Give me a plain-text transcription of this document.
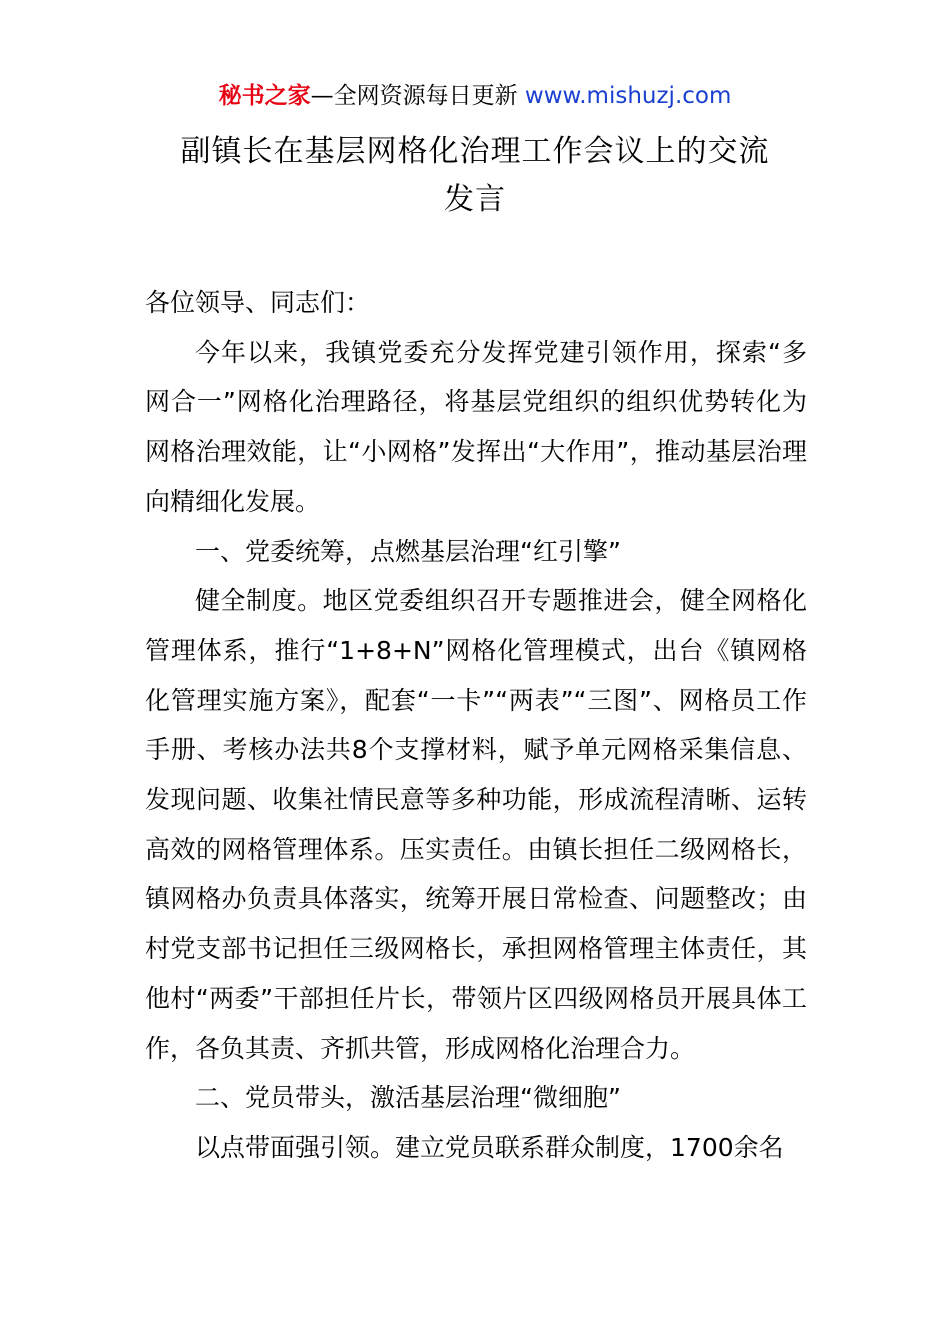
秘书之家—全网资源每日更新 www.mishuzj.com
副镇长在基层网格化治理工作会议上的交流
发言

各位领导、同志们：

今年以来，我镇党委充分发挥党建引领作用，探索“多网合一”网格化治理路径，将基层党组织的组织优势转化为网格治理效能，让“小网格”发挥出“大作用”，推动基层治理向精细化发展。

一、党委统筹，点燃基层治理“红引擎”

健全制度。地区党委组织召开专题推进会，健全网格化管理体系，推行“1+8+N”网格化管理模式，出台《镇网格化管理实施方案》，配套“一卡”“两表”“三图”、网格员工作手册、考核办法共8个支撑材料，赋予单元网格采集信息、发现问题、收集社情民意等多种功能，形成流程清晰、运转高效的网格管理体系。压实责任。由镇长担任二级网格长，镇网格办负责具体落实，统筹开展日常检查、问题整改；由村党支部书记担任三级网格长，承担网格管理主体责任，其他村“两委”干部担任片长，带领片区四级网格员开展具体工作，各负其责、齐抓共管，形成网格化治理合力。

二、党员带头，激活基层治理“微细胞”

以点带面强引领。建立党员联系群众制度，1700余名
